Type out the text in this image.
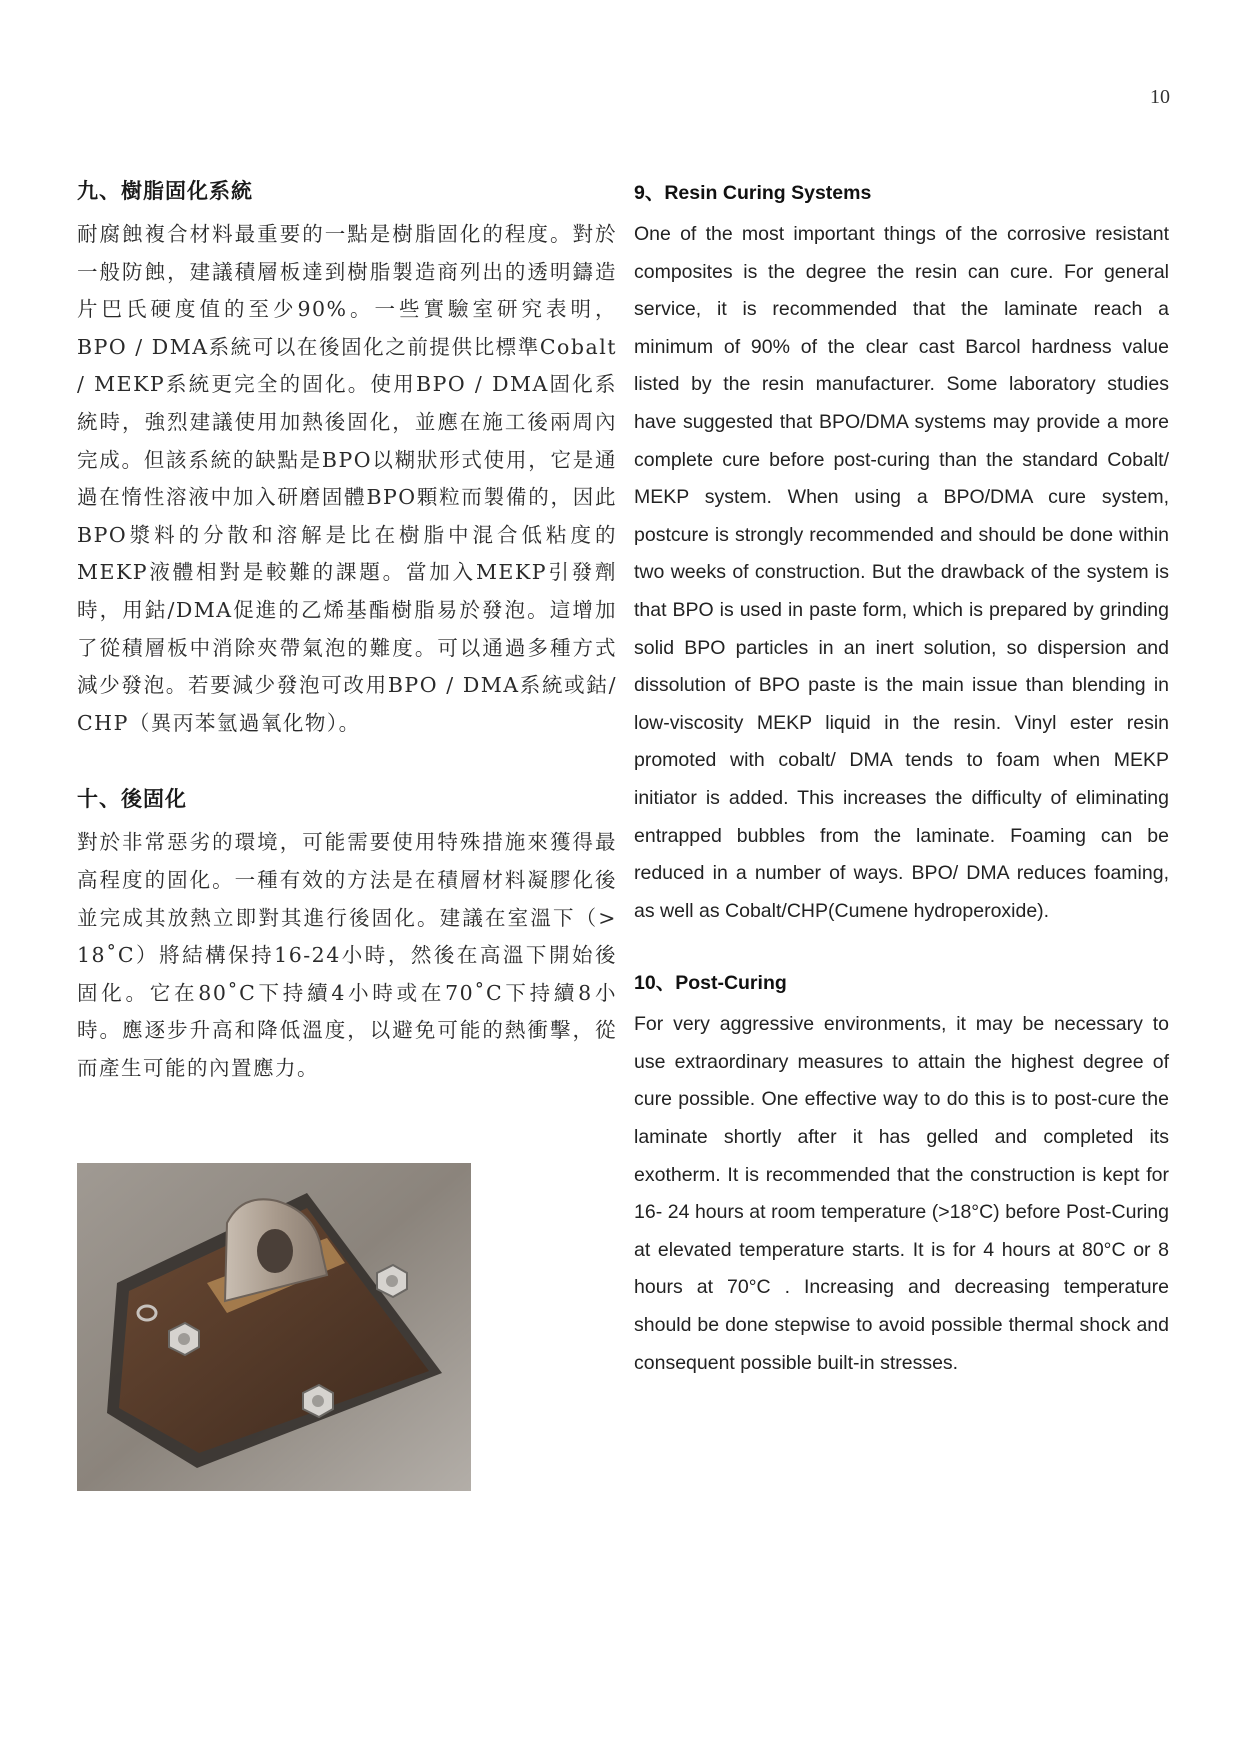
10
九、樹脂固化系統

耐腐蝕複合材料最重要的一點是樹脂固化的程度。對於一般防蝕，建議積層板達到樹脂製造商列出的透明鑄造片巴氏硬度值的至少90%。一些實驗室研究表明，BPO / DMA系統可以在後固化之前提供比標準Cobalt / MEKP系統更完全的固化。使用BPO / DMA固化系統時，強烈建議使用加熱後固化，並應在施工後兩周內完成。但該系統的缺點是BPO以糊狀形式使用，它是通過在惰性溶液中加入研磨固體BPO顆粒而製備的，因此BPO漿料的分散和溶解是比在樹脂中混合低粘度的MEKP液體相對是較難的課題。當加入MEKP引發劑時，用鈷/DMA促進的乙烯基酯樹脂易於發泡。這增加了從積層板中消除夾帶氣泡的難度。可以通過多種方式減少發泡。若要減少發泡可改用BPO / DMA系統或鈷/ CHP（異丙苯氫過氧化物）。

十、後固化

對於非常惡劣的環境，可能需要使用特殊措施來獲得最高程度的固化。一種有效的方法是在積層材料凝膠化後並完成其放熱立即對其進行後固化。建議在室溫下（> 18˚C）將結構保持16-24小時，然後在高溫下開始後固化。它在80˚C下持續4小時或在70˚C下持續8小時。應逐步升高和降低溫度，以避免可能的熱衝擊，從而產生可能的內置應力。

9、Resin Curing Systems

One of the most important things of the corrosive resistant composites is the degree the resin can cure. For general service, it is recommended that the laminate reach a minimum of 90% of the clear cast Barcol hardness value listed by the resin manufacturer. Some laboratory studies have suggested that BPO/DMA systems may provide a more complete cure before post-curing than the standard Cobalt/ MEKP system. When using a BPO/DMA cure system, postcure is strongly recommended and should be done within two weeks of construction. But the drawback of the system is that BPO is used in paste form, which is prepared by grinding solid BPO particles in an inert solution, so dispersion and dissolution of BPO paste is the main issue than blending in low-viscosity MEKP liquid in the resin. Vinyl ester resin promoted with cobalt/ DMA tends to foam when MEKP initiator is added. This increases the difficulty of eliminating entrapped bubbles from the laminate. Foaming can be reduced in a number of ways. BPO/ DMA reduces foaming, as well as Cobalt/CHP(Cumene hydroperoxide).

10、Post-Curing

For very aggressive environments, it may be necessary to use extraordinary measures to attain the highest degree of cure possible. One effective way to do this is to post-cure the laminate shortly after it has gelled and completed its exotherm. It is recommended that the construction is kept for 16- 24 hours at room temperature (>18°C) before Post-Curing at elevated temperature starts. It is for 4 hours at 80°C or 8 hours at 70°C . Increasing and decreasing temperature should be done stepwise to avoid possible thermal shock and consequent possible built-in stresses.
